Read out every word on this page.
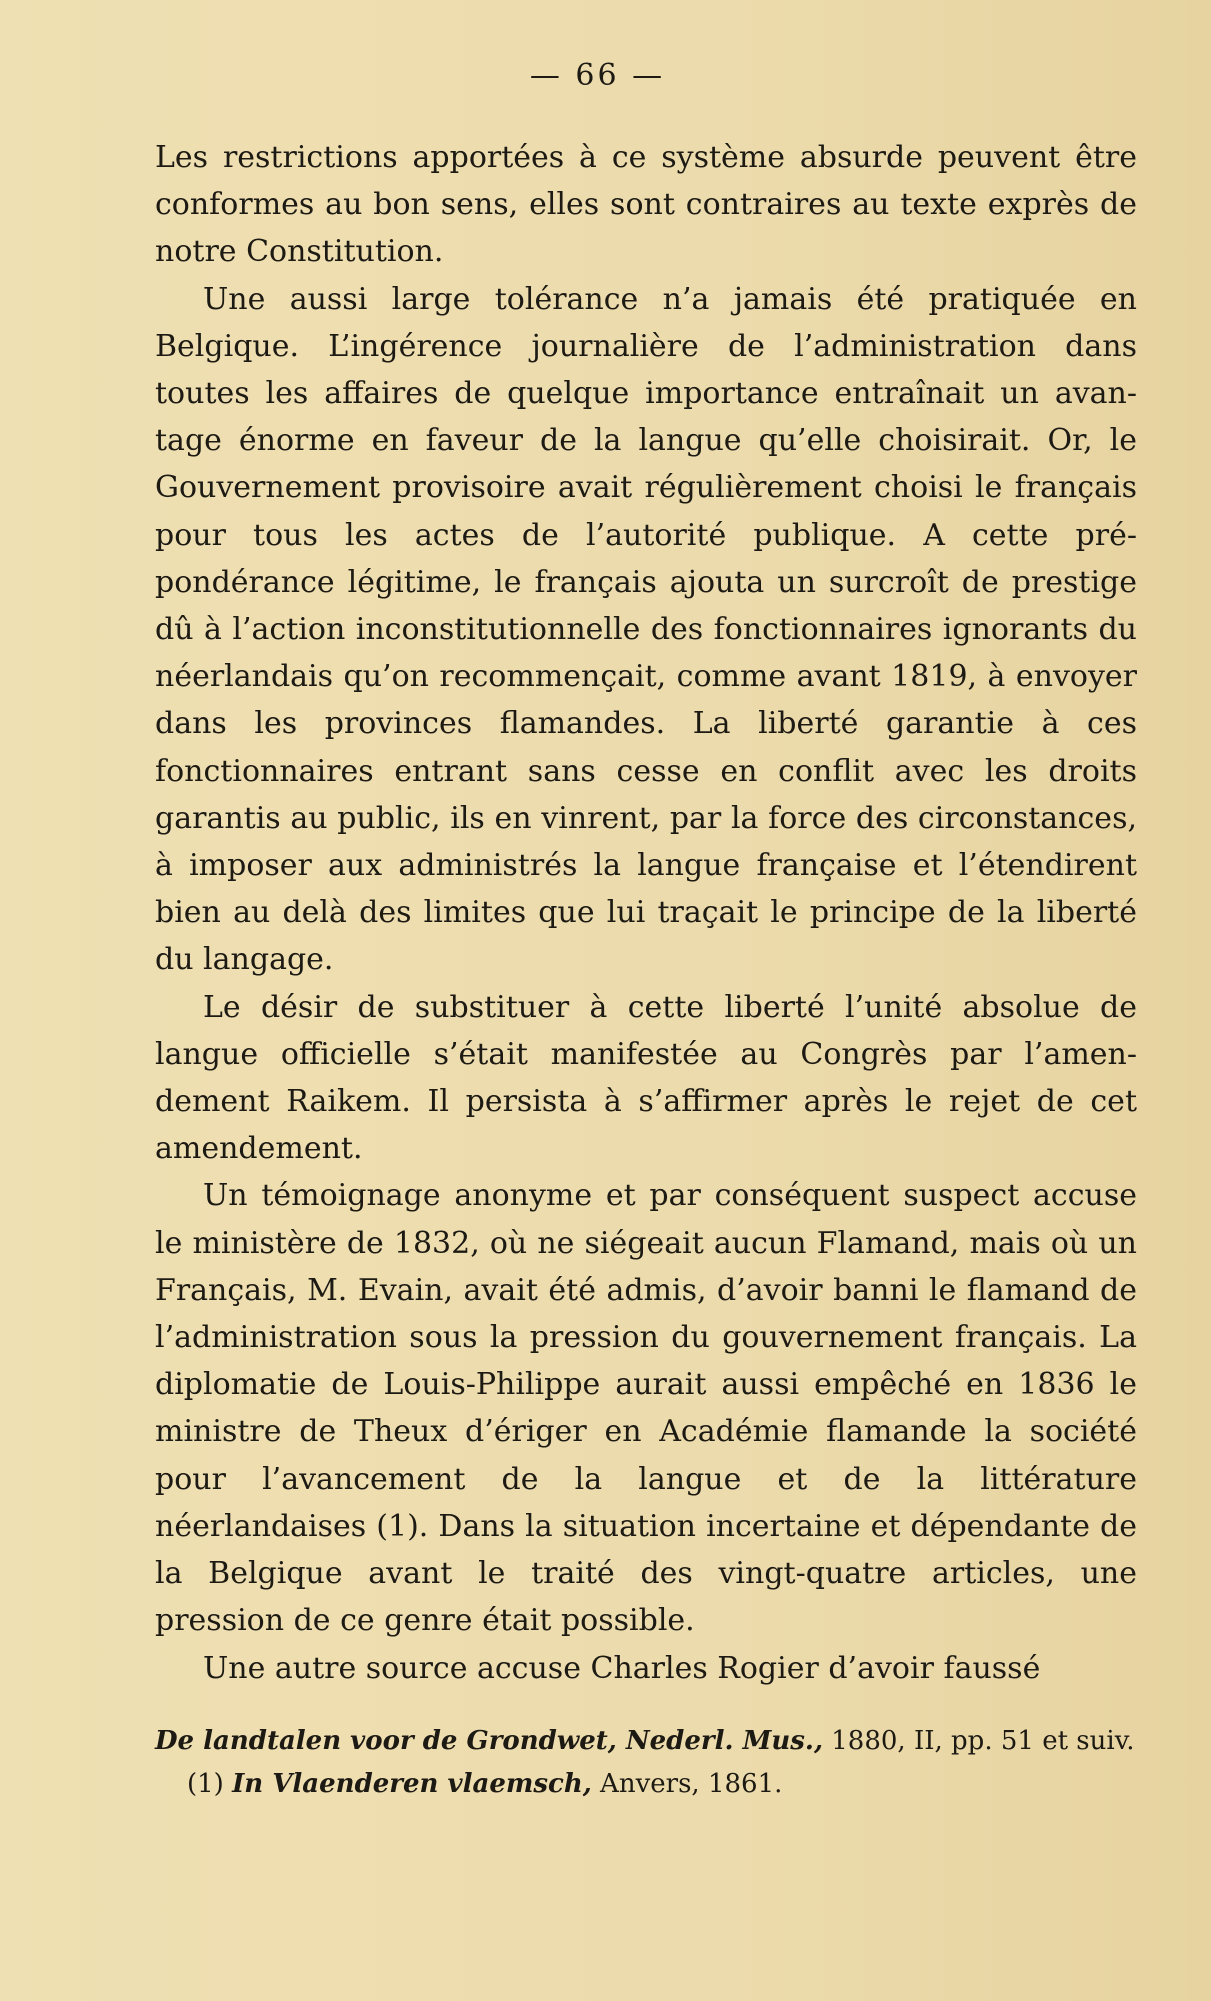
— 66 —

Les restrictions apportées à ce système absurde peuvent être conformes au bon sens, elles sont contraires au texte exprès de notre Constitution.

Une aussi large tolérance n’a jamais été pratiquée en Belgique. L’ingérence journalière de l’administration dans toutes les affaires de quelque importance entraînait un avantage énorme en faveur de la langue qu’elle choisirait. Or, le Gouvernement provisoire avait régulièrement choisi le français pour tous les actes de l’autorité publique. A cette prépondérance légitime, le français ajouta un surcroît de prestige dû à l’action inconstitutionnelle des fonctionnaires ignorants du néerlandais qu’on recommençait, comme avant 1819, à envoyer dans les provinces flamandes. La liberté garantie à ces fonctionnaires entrant sans cesse en conflit avec les droits garantis au public, ils en vinrent, par la force des circonstances, à imposer aux administrés la langue française et l’étendirent bien au delà des limites que lui traçait le principe de la liberté du langage.

Le désir de substituer à cette liberté l’unité absolue de langue officielle s’était manifestée au Congrès par l’amendement Raikem. Il persista à s’affirmer après le rejet de cet amendement.

Un témoignage anonyme et par conséquent suspect accuse le ministère de 1832, où ne siégeait aucun Flamand, mais où un Français, M. Evain, avait été admis, d’avoir banni le flamand de l’administration sous la pression du gouvernement français. La diplomatie de Louis-Philippe aurait aussi empêché en 1836 le ministre de Theux d’ériger en Académie flamande la société pour l’avancement de la langue et de la littérature néerlandaises (1). Dans la situation incertaine et dépendante de la Belgique avant le traité des vingt-quatre articles, une pression de ce genre était possible.

Une autre source accuse Charles Rogier d’avoir faussé

De landtalen voor de Grondwet, Nederl. Mus., 1880, II, pp. 51 et suiv.

(1) In Vlaenderen vlaemsch, Anvers, 1861.
